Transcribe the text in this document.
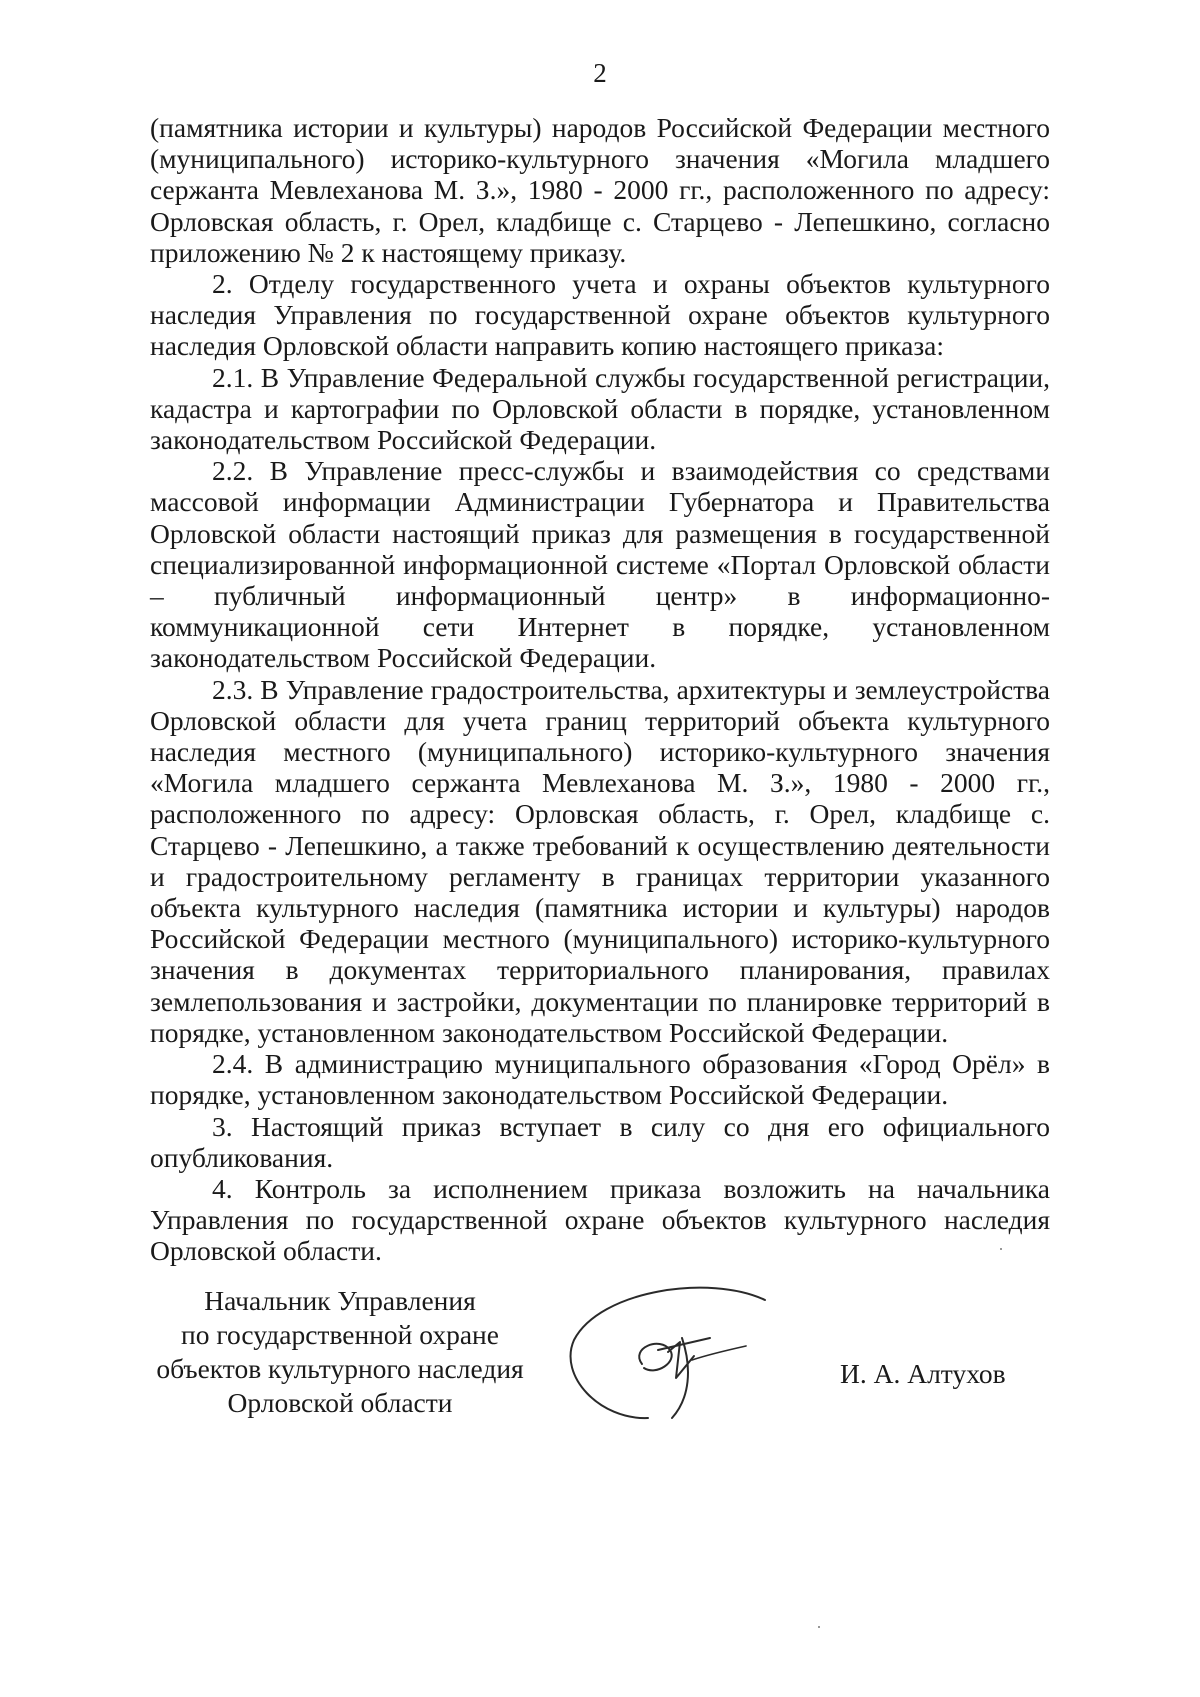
2

(памятника истории и культуры) народов Российской Федерации местного (муниципального) историко-культурного значения «Могила младшего сержанта Мевлеханова М. З.», 1980 - 2000 гг., расположенного по адресу: Орловская область, г. Орел, кладбище с. Старцево - Лепешкино, согласно приложению № 2 к настоящему приказу.

2. Отделу государственного учета и охраны объектов культурного наследия Управления по государственной охране объектов культурного наследия Орловской области направить копию настоящего приказа:

2.1. В Управление Федеральной службы государственной регистрации, кадастра и картографии по Орловской области в порядке, установленном законодательством Российской Федерации.

2.2. В Управление пресс-службы и взаимодействия со средствами массовой информации Администрации Губернатора и Правительства Орловской области настоящий приказ для размещения в государственной специализированной информационной системе «Портал Орловской области – публичный информационный центр» в информационно-коммуникационной сети Интернет в порядке, установленном законодательством Российской Федерации.

2.3. В Управление градостроительства, архитектуры и землеустройства Орловской области для учета границ территорий объекта культурного наследия местного (муниципального) историко-культурного значения «Могила младшего сержанта Мевлеханова М. З.», 1980 - 2000 гг., расположенного по адресу: Орловская область, г. Орел, кладбище с. Старцево - Лепешкино, а также требований к осуществлению деятельности и градостроительному регламенту в границах территории указанного объекта культурного наследия (памятника истории и культуры) народов Российской Федерации местного (муниципального) историко-культурного значения в документах территориального планирования, правилах землепользования и застройки, документации по планировке территорий в порядке, установленном законодательством Российской Федерации.

2.4. В администрацию муниципального образования «Город Орёл» в порядке, установленном законодательством Российской Федерации.

3. Настоящий приказ вступает в силу со дня его официального опубликования.

4. Контроль за исполнением приказа возложить на начальника Управления по государственной охране объектов культурного наследия Орловской области.

Начальник Управления
по государственной охране
объектов культурного наследия
Орловской области
И. А. Алтухов
